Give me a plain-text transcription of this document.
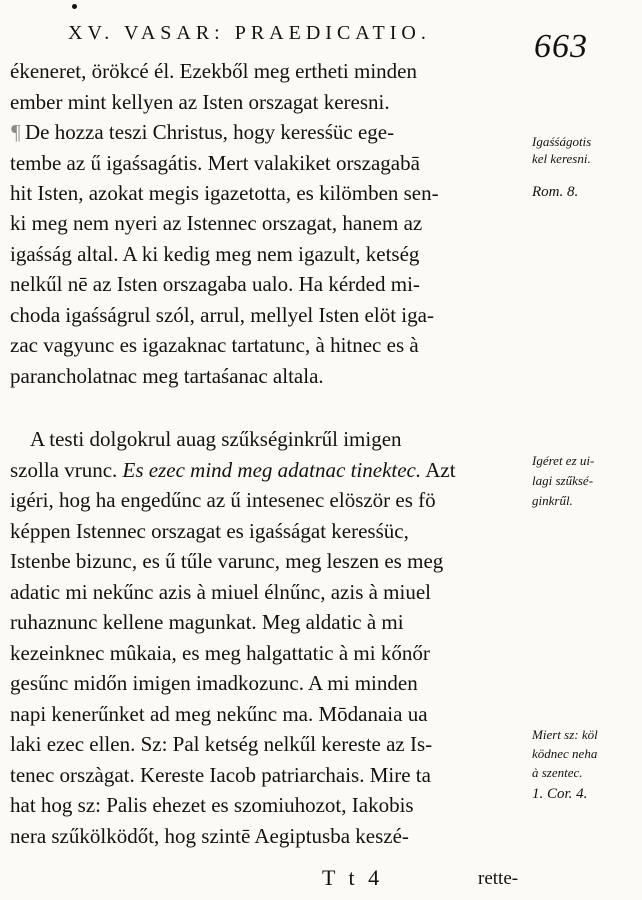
XV. VASAR: PRAEDICATIO.	663
ékeneret, örökcé él. Ezekből meg ertheti minden
ember mint kellyen az Isten orszagat keresni.
¶ De hozza teszi Christus, hogy keresśüc ege-
tembe az ű igaśsagátis. Mert valakiket orszagabā
hit Isten, azokat megis igazetotta, es kilömben sen-
ki meg nem nyeri az Istennec orszagat, hanem az
igaśság altal. A ki kedig meg nem igazult, ketség
nelkűl nē az Isten orszagaba ualo. Ha kérded mi-
choda igaśságrul szól, arrul, mellyel Isten elöt iga-
zac vagyunc es igazaknac tartatunc, à hitnec es à
parancholatnac meg tartaśanac altala.
A testi dolgokrul auag szűkséginkrűl imigen
szolla vrunc. Es ezec mind meg adatnac tinektec. Azt
igéri, hog ha engedűnc az ű intesenec elöször es fö
képpen Istennec orszagat es igaśságat keresśüc,
Istenbe bizunc, es ű tűle varunc, meg leszen es meg
adatic mi nekűnc azis à miuel élnűnc, azis à miuel
ruhaznunc kellene magunkat. Meg aldatic à mi
kezeinknec mûkaia, es meg halgattatic à mi kőnőr
gesűnc midőn imigen imadkozunc. A mi minden
napi kenerűnket ad meg nekűnc ma. Mōdanaia ua
laki ezec ellen. Sz: Pal ketség nelkűl kereste az Is-
tenec orszàgat. Kereste Iacob patriarchais. Mire ta
hat hog sz: Palis ehezet es szomiuhozot, Iakobis
nera szűkölködőt, hog szintē Aegiptusba keszé-
Igaśśágotis
kel keresni.
Rom. 8.
Igéret ez ui-
lagi szűksé-
ginkrűl.
Miert sz: köl
ködnec neha
à szentec.
1. Cor. 4.
T t 4	rette-
